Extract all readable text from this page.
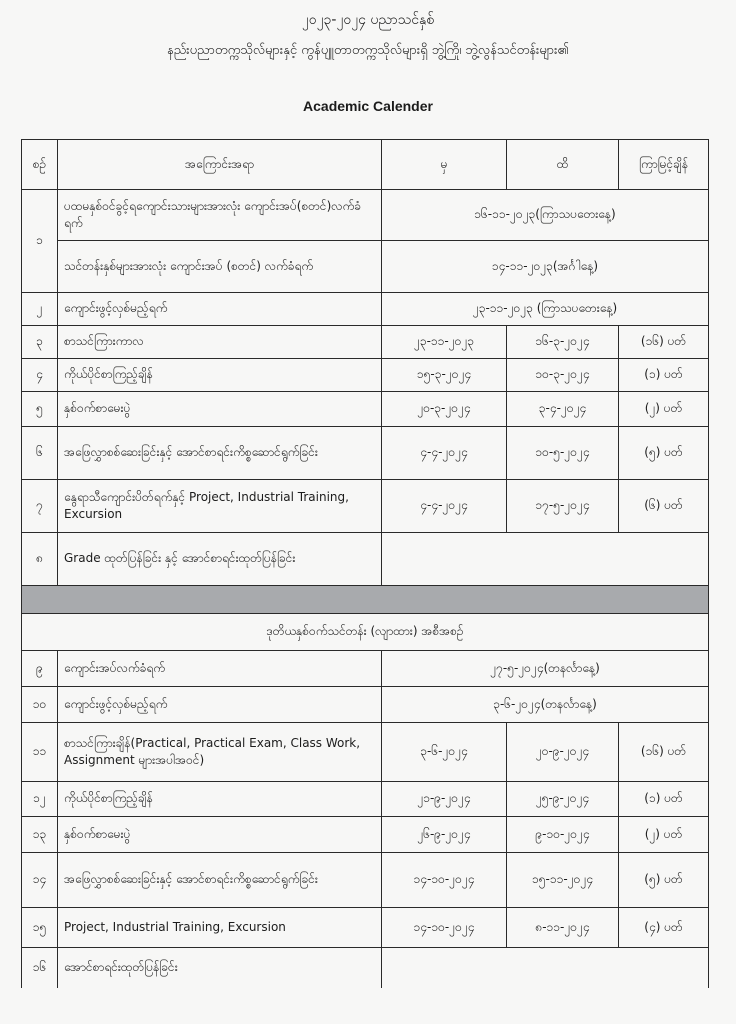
၂၀၂၃-၂၀၂၄ ပညာသင်နှစ်
နည်းပညာတက္ကသိုလ်များနှင့် ကွန်ပျူတာတက္ကသိုလ်များရှိ ဘွဲ့ကြို၊ ဘွဲ့လွန်သင်တန်းများ၏
Academic Calender
စဉ်	အကြောင်းအရာ	မှ	ထိ	ကြာမြင့်ချိန်
၁	ပထမနှစ်ဝင်ခွင့်ရကျောင်းသားများအားလုံး ကျောင်းအပ်(စတင်)လက်ခံရက်	၁၆-၁၁-၂၀၂၃(ကြာသပတေးနေ့)		
	သင်တန်းနှစ်များအားလုံး ကျောင်းအပ် (စတင်) လက်ခံရက်	၁၄-၁၁-၂၀၂၃(အင်္ဂါနေ့)		
၂	ကျောင်းဖွင့်လှစ်မည့်ရက်	၂၃-၁၁-၂၀၂၃ (ကြာသပတေးနေ့)		
၃	စာသင်ကြားကာလ	၂၃-၁၁-၂၀၂၃	၁၆-၃-၂၀၂၄	(၁၆) ပတ်
၄	ကိုယ်ပိုင်စာကြည့်ချိန်	၁၅-၃-၂၀၂၄	၁၀-၃-၂၀၂၄	(၁) ပတ်
၅	နှစ်ဝက်စာမေးပွဲ	၂၀-၃-၂၀၂၄	၃-၄-၂၀၂၄	(၂) ပတ်
၆	အဖြေလွှာစစ်ဆေးခြင်းနှင့် အောင်စာရင်းကိစ္စဆောင်ရွက်ခြင်း	၄-၄-၂၀၂၄	၁၀-၅-၂၀၂၄	(၅) ပတ်
၇	နွေရာသီကျောင်းပိတ်ရက်နှင့် Project, Industrial Training, Excursion	၄-၄-၂၀၂၄	၁၇-၅-၂၀၂၄	(၆) ပတ်
၈	Grade ထုတ်ပြန်ခြင်း နှင့် အောင်စာရင်းထုတ်ပြန်ခြင်း			

ဒုတိယနှစ်ဝက်သင်တန်း (လျာထား) အစီအစဉ်				
၉	ကျောင်းအပ်လက်ခံရက်	၂၇-၅-၂၀၂၄(တနင်္လာနေ့)		
၁၀	ကျောင်းဖွင့်လှစ်မည့်ရက်	၃-၆-၂၀၂၄(တနင်္လာနေ့)		
၁၁	စာသင်ကြားချိန်(Practical, Practical Exam, Class Work, Assignment များအပါအဝင်)	၃-၆-၂၀၂၄	၂၀-၉-၂၀၂၄	(၁၆) ပတ်
၁၂	ကိုယ်ပိုင်စာကြည့်ချိန်	၂၁-၉-၂၀၂၄	၂၅-၉-၂၀၂၄	(၁) ပတ်
၁၃	နှစ်ဝက်စာမေးပွဲ	၂၆-၉-၂၀၂၄	၉-၁၀-၂၀၂၄	(၂) ပတ်
၁၄	အဖြေလွှာစစ်ဆေးခြင်းနှင့် အောင်စာရင်းကိစ္စဆောင်ရွက်ခြင်း	၁၄-၁၀-၂၀၂၄	၁၅-၁၁-၂၀၂၄	(၅) ပတ်
၁၅	Project, Industrial Training, Excursion	၁၄-၁၀-၂၀၂၄	၈-၁၁-၂၀၂၄	(၄) ပတ်
၁၆	အောင်စာရင်းထုတ်ပြန်ခြင်း			
